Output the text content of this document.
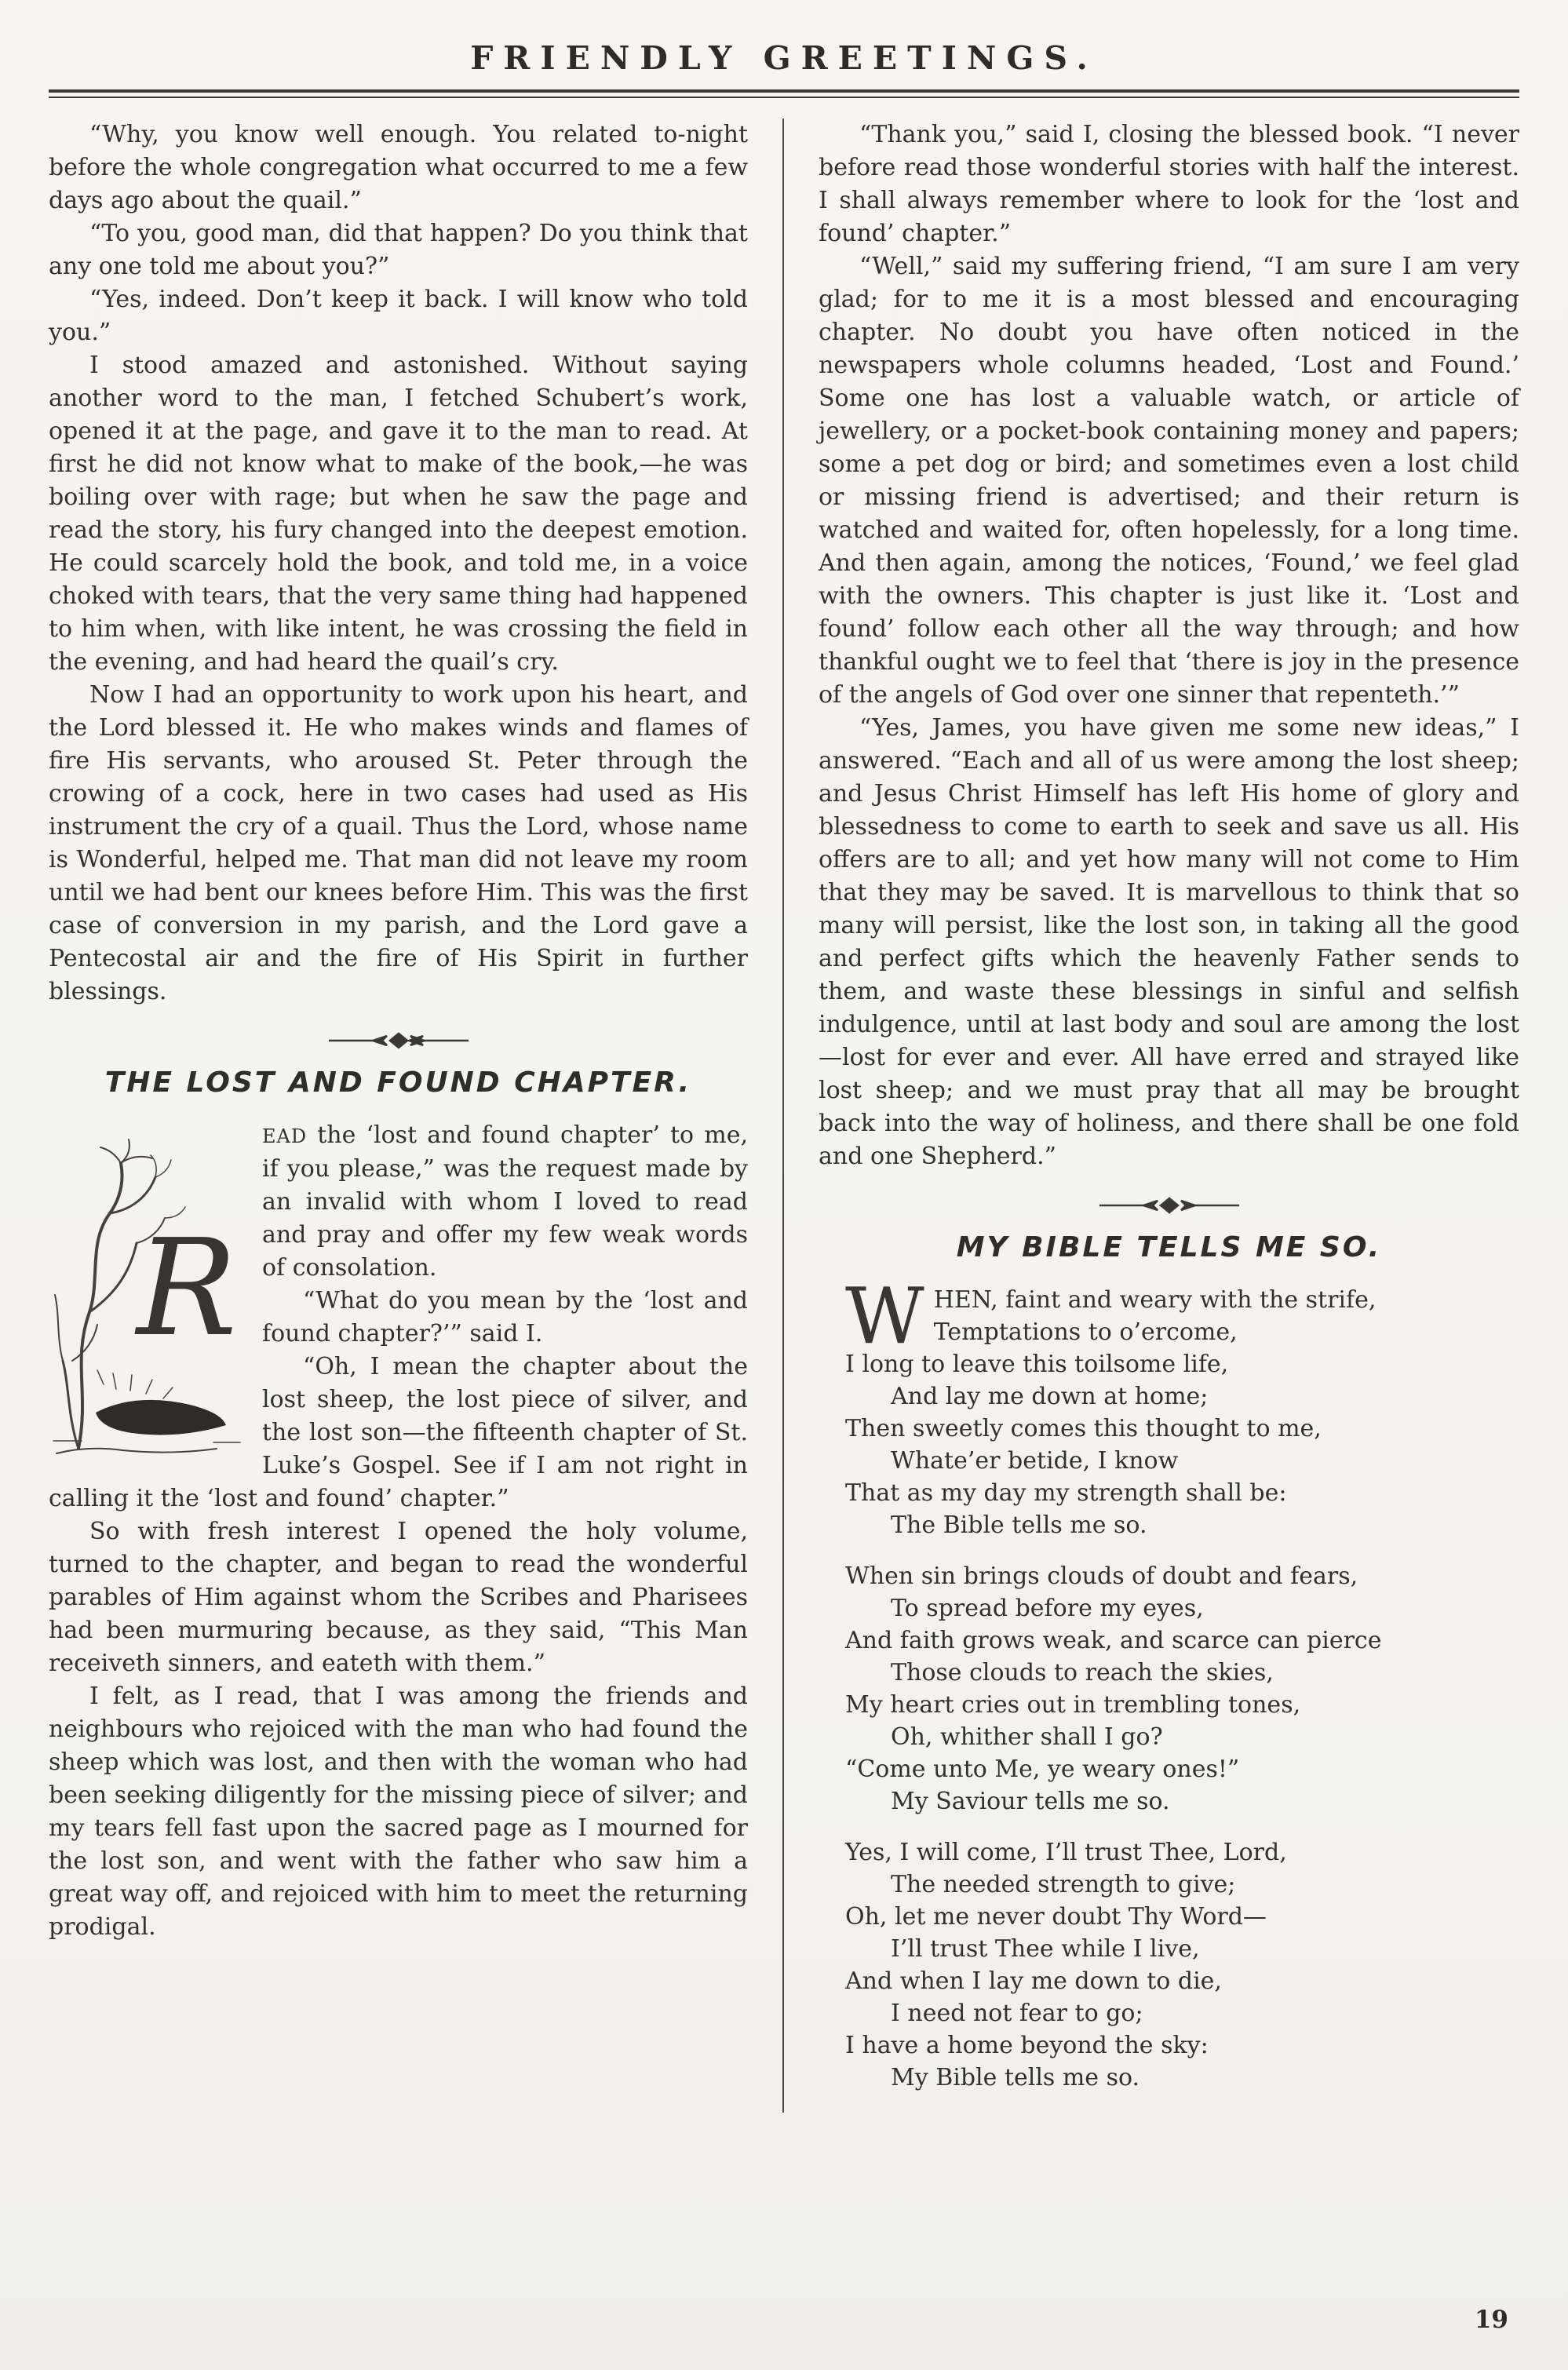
FRIENDLY GREETINGS.

“Why, you know well enough. You related to-night before the whole congregation what occurred to me a few days ago about the quail.”

“To you, good man, did that happen? Do you think that any one told me about you?”

“Yes, indeed. Don’t keep it back. I will know who told you.”

I stood amazed and astonished. Without saying another word to the man, I fetched Schubert’s work, opened it at the page, and gave it to the man to read. At first he did not know what to make of the book,—he was boiling over with rage; but when he saw the page and read the story, his fury changed into the deepest emotion. He could scarcely hold the book, and told me, in a voice choked with tears, that the very same thing had happened to him when, with like intent, he was crossing the field in the evening, and had heard the quail’s cry.

Now I had an opportunity to work upon his heart, and the Lord blessed it. He who makes winds and flames of fire His servants, who aroused St. Peter through the crowing of a cock, here in two cases had used as His instrument the cry of a quail. Thus the Lord, whose name is Wonderful, helped me. That man did not leave my room until we had bent our knees before Him. This was the first case of conversion in my parish, and the Lord gave a Pentecostal air and the fire of His Spirit in further blessings.

THE LOST AND FOUND CHAPTER.
R

EAD the ‘lost and found chapter’ to me, if you please,” was the request made by an invalid with whom I loved to read and pray and offer my few weak words of consolation.

“What do you mean by the ‘lost and found chapter?’” said I.

“Oh, I mean the chapter about the lost sheep, the lost piece of silver, and the lost son—the fifteenth chapter of St. Luke’s Gospel. See if I am not right in calling it the ‘lost and found’ chapter.”

So with fresh interest I opened the holy volume, turned to the chapter, and began to read the wonderful parables of Him against whom the Scribes and Pharisees had been murmuring because, as they said, “This Man receiveth sinners, and eateth with them.”

I felt, as I read, that I was among the friends and neighbours who rejoiced with the man who had found the sheep which was lost, and then with the woman who had been seeking diligently for the missing piece of silver; and my tears fell fast upon the sacred page as I mourned for the lost son, and went with the father who saw him a great way off, and rejoiced with him to meet the returning prodigal.

“Thank you,” said I, closing the blessed book. “I never before read those wonderful stories with half the interest. I shall always remember where to look for the ‘lost and found’ chapter.”

“Well,” said my suffering friend, “I am sure I am very glad; for to me it is a most blessed and encouraging chapter. No doubt you have often noticed in the newspapers whole columns headed, ‘Lost and Found.’ Some one has lost a valuable watch, or article of jewellery, or a pocket-book containing money and papers; some a pet dog or bird; and sometimes even a lost child or missing friend is advertised; and their return is watched and waited for, often hopelessly, for a long time. And then again, among the notices, ‘Found,’ we feel glad with the owners. This chapter is just like it. ‘Lost and found’ follow each other all the way through; and how thankful ought we to feel that ‘there is joy in the presence of the angels of God over one sinner that repenteth.’”

“Yes, James, you have given me some new ideas,” I answered. “Each and all of us were among the lost sheep; and Jesus Christ Himself has left His home of glory and blessedness to come to earth to seek and save us all. His offers are to all; and yet how many will not come to Him that they may be saved. It is marvellous to think that so many will persist, like the lost son, in taking all the good and perfect gifts which the heavenly Father sends to them, and waste these blessings in sinful and selfish indulgence, until at last body and soul are among the lost—lost for ever and ever. All have erred and strayed like lost sheep; and we must pray that all may be brought back into the way of holiness, and there shall be one fold and one Shepherd.”

MY BIBLE TELLS ME SO.

WHEN, faint and weary with the strife,

Temptations to o’ercome,

I long to leave this toilsome life,

And lay me down at home;

Then sweetly comes this thought to me,

Whate’er betide, I know

That as my day my strength shall be:

The Bible tells me so.

When sin brings clouds of doubt and fears,

To spread before my eyes,

And faith grows weak, and scarce can pierce

Those clouds to reach the skies,

My heart cries out in trembling tones,

Oh, whither shall I go?

“Come unto Me, ye weary ones!”

My Saviour tells me so.

Yes, I will come, I’ll trust Thee, Lord,

The needed strength to give;

Oh, let me never doubt Thy Word—

I’ll trust Thee while I live,

And when I lay me down to die,

I need not fear to go;

I have a home beyond the sky:

My Bible tells me so.

19
